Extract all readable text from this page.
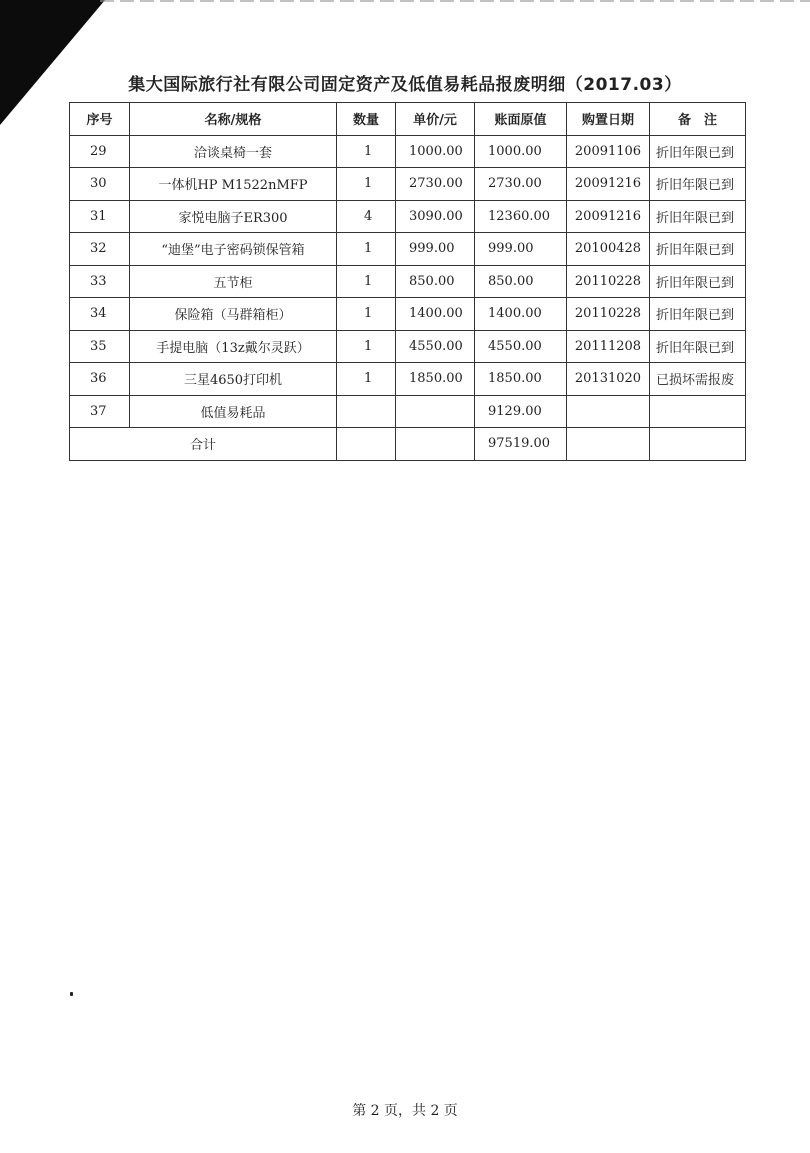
集大国际旅行社有限公司固定资产及低值易耗品报废明细（2017.03）
序号	名称/规格	数量	单价/元	账面原值	购置日期	备　注
29	洽谈桌椅一套	1	1000.00	1000.00	20091106	折旧年限已到
30	一体机HP M1522nMFP	1	2730.00	2730.00	20091216	折旧年限已到
31	家悦电脑子ER300	4	3090.00	12360.00	20091216	折旧年限已到
32	“迪堡”电子密码锁保管箱	1	999.00	999.00	20100428	折旧年限已到
33	五节柜	1	850.00	850.00	20110228	折旧年限已到
34	保险箱（马群箱柜）	1	1400.00	1400.00	20110228	折旧年限已到
35	手提电脑（13z戴尔灵跃）	1	4550.00	4550.00	20111208	折旧年限已到
36	三星4650打印机	1	1850.00	1850.00	20131020	已损坏需报废
37	低值易耗品			9129.00		
合计				97519.00		
第 2 页，共 2 页
